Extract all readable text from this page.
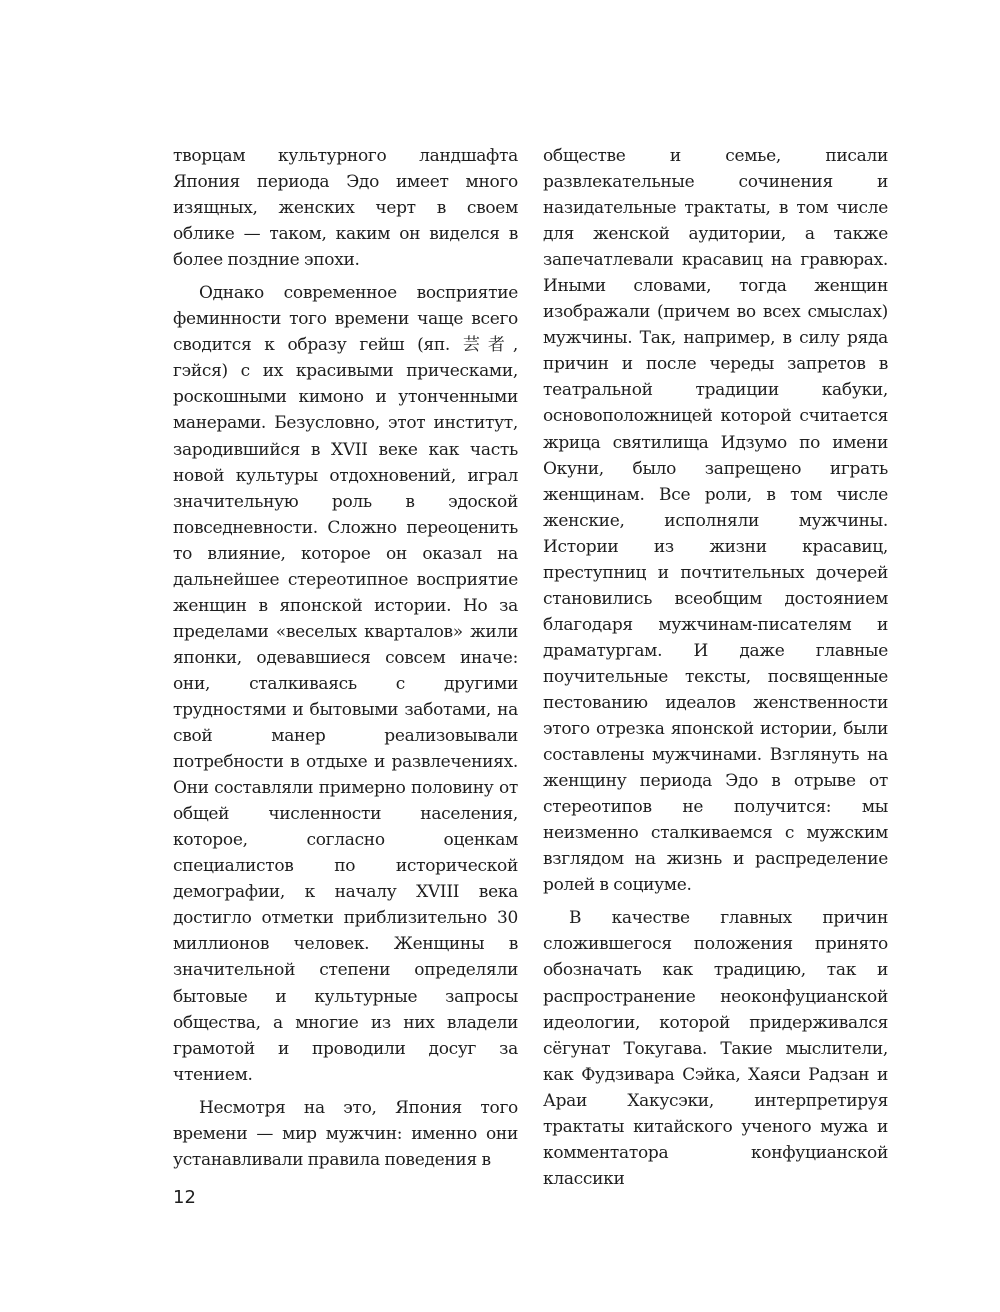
творцам культурного ландшафта Япония периода Эдо имеет много изящных, женских черт в своем облике — таком, каким он виделся в более поздние эпохи.

Однако современное восприятие феминности того времени чаще всего сводится к образу гейш (яп. 芸者, гэйся) с их красивыми прическами, роскошными кимоно и утонченными манерами. Безусловно, этот институт, зародившийся в XVII веке как часть новой культуры отдохновений, играл значительную роль в эдоской повседневности. Сложно переоценить то влияние, которое он оказал на дальнейшее стереотипное восприятие женщин в японской истории. Но за пределами «веселых кварталов» жили японки, одевавшиеся совсем иначе: они, сталкиваясь с другими трудностями и бытовыми заботами, на свой манер реализовывали потребности в отдыхе и развлечениях. Они составляли примерно половину от общей численности населения, которое, согласно оценкам специалистов по исторической демографии, к началу XVIII века достигло отметки приблизительно 30 миллионов человек. Женщины в значительной степени определяли бытовые и культурные запросы общества, а многие из них владели грамотой и проводили досуг за чтением.

Несмотря на это, Япония того времени — мир мужчин: именно они устанавливали правила поведения в

обществе и семье, писали развлекательные сочинения и назидательные трактаты, в том числе для женской аудитории, а также запечатлевали красавиц на гравюрах. Иными словами, тогда женщин изображали (причем во всех смыслах) мужчины. Так, например, в силу ряда причин и после череды запретов в театральной традиции кабуки, основоположницей которой считается жрица святилища Идзумо по имени Окуни, было запрещено играть женщинам. Все роли, в том числе женские, исполняли мужчины. Истории из жизни красавиц, преступниц и почтительных дочерей становились всеобщим достоянием благодаря мужчинам-писателям и драматургам. И даже главные поучительные тексты, посвященные пестованию идеалов женственности этого отрезка японской истории, были составлены мужчинами. Взглянуть на женщину периода Эдо в отрыве от стереотипов не получится: мы неизменно сталкиваемся с мужским взглядом на жизнь и распределение ролей в социуме.

В качестве главных причин сложившегося положения принято обозначать как традицию, так и распространение неоконфуцианской идеологии, которой придерживался сёгунат Токугава. Такие мыслители, как Фудзивара Сэйка, Хаяси Радзан и Араи Хакусэки, интерпретируя трактаты китайского ученого мужа и комментатора конфуцианской классики

12
